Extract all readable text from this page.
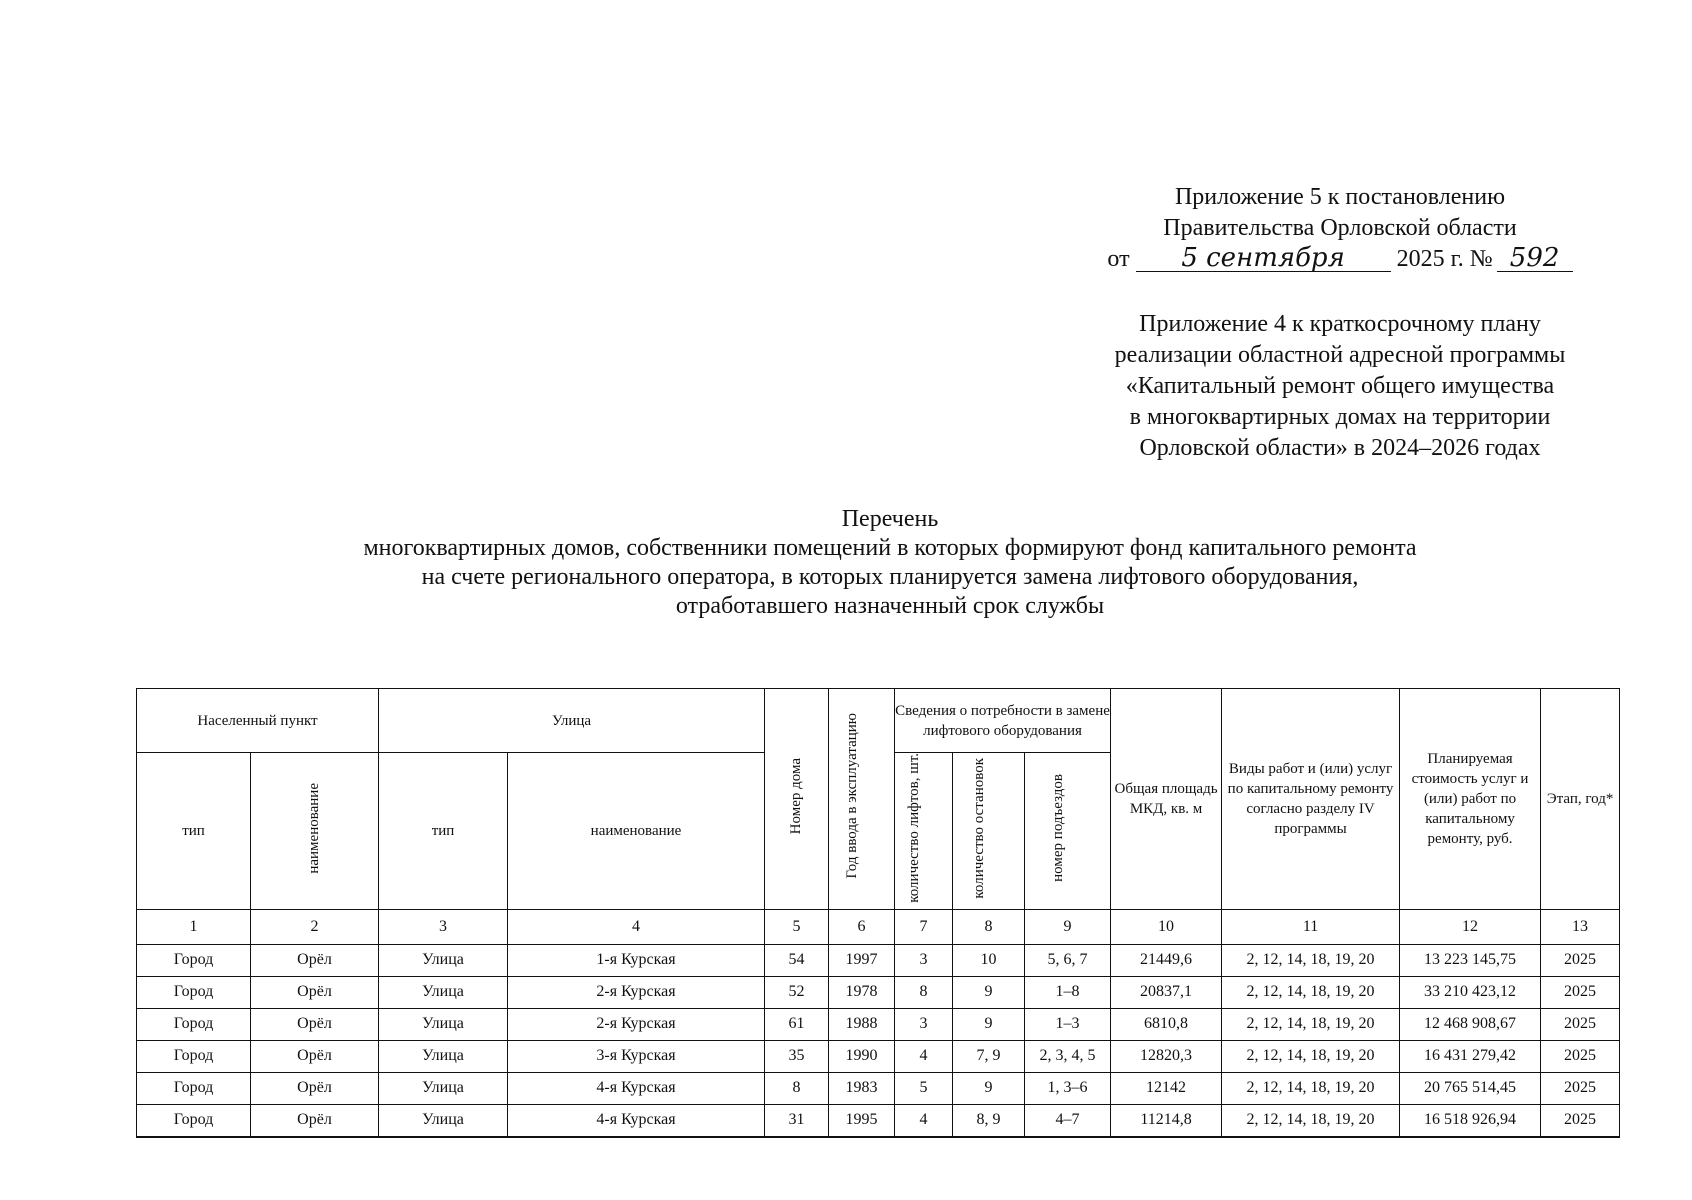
Приложение 5 к постановлению

Правительства Орловской области

от 5 сентября 2025 г. № 592

Приложение 4 к краткосрочному плану

реализации областной адресной программы

«Капитальный ремонт общего имущества

в многоквартирных домах на территории

Орловской области» в 2024–2026 годах

Перечень

многоквартирных домов, собственники помещений в которых формируют фонд капитального ремонта

на счете регионального оператора, в которых планируется замена лифтового оборудования,

отработавшего назначенный срок службы

Населенный пункт		Улица		Номер дома	Год ввода в эксплуатацию	Сведения о потребности в замене лифтового оборудования			Общая площадь МКД, кв. м	Виды работ и (или) услуг по капитальному ремонту согласно разделу IV программы	Планируемая стоимость услуг и (или) работ по капитальному ремонту, руб.	Этап, год*
тип	наименование	тип	наименование			количество лифтов, шт.	количество остановок	номер подъездов				
1	2	3	4	5	6	7	8	9	10	11	12	13
Город	Орёл	Улица	1-я Курская	54	1997	3	10	5, 6, 7	21449,6	2, 12, 14, 18, 19, 20	13 223 145,75	2025
Город	Орёл	Улица	2-я Курская	52	1978	8	9	1–8	20837,1	2, 12, 14, 18, 19, 20	33 210 423,12	2025
Город	Орёл	Улица	2-я Курская	61	1988	3	9	1–3	6810,8	2, 12, 14, 18, 19, 20	12 468 908,67	2025
Город	Орёл	Улица	3-я Курская	35	1990	4	7, 9	2, 3, 4, 5	12820,3	2, 12, 14, 18, 19, 20	16 431 279,42	2025
Город	Орёл	Улица	4-я Курская	8	1983	5	9	1, 3–6	12142	2, 12, 14, 18, 19, 20	20 765 514,45	2025
Город	Орёл	Улица	4-я Курская	31	1995	4	8, 9	4–7	11214,8	2, 12, 14, 18, 19, 20	16 518 926,94	2025
